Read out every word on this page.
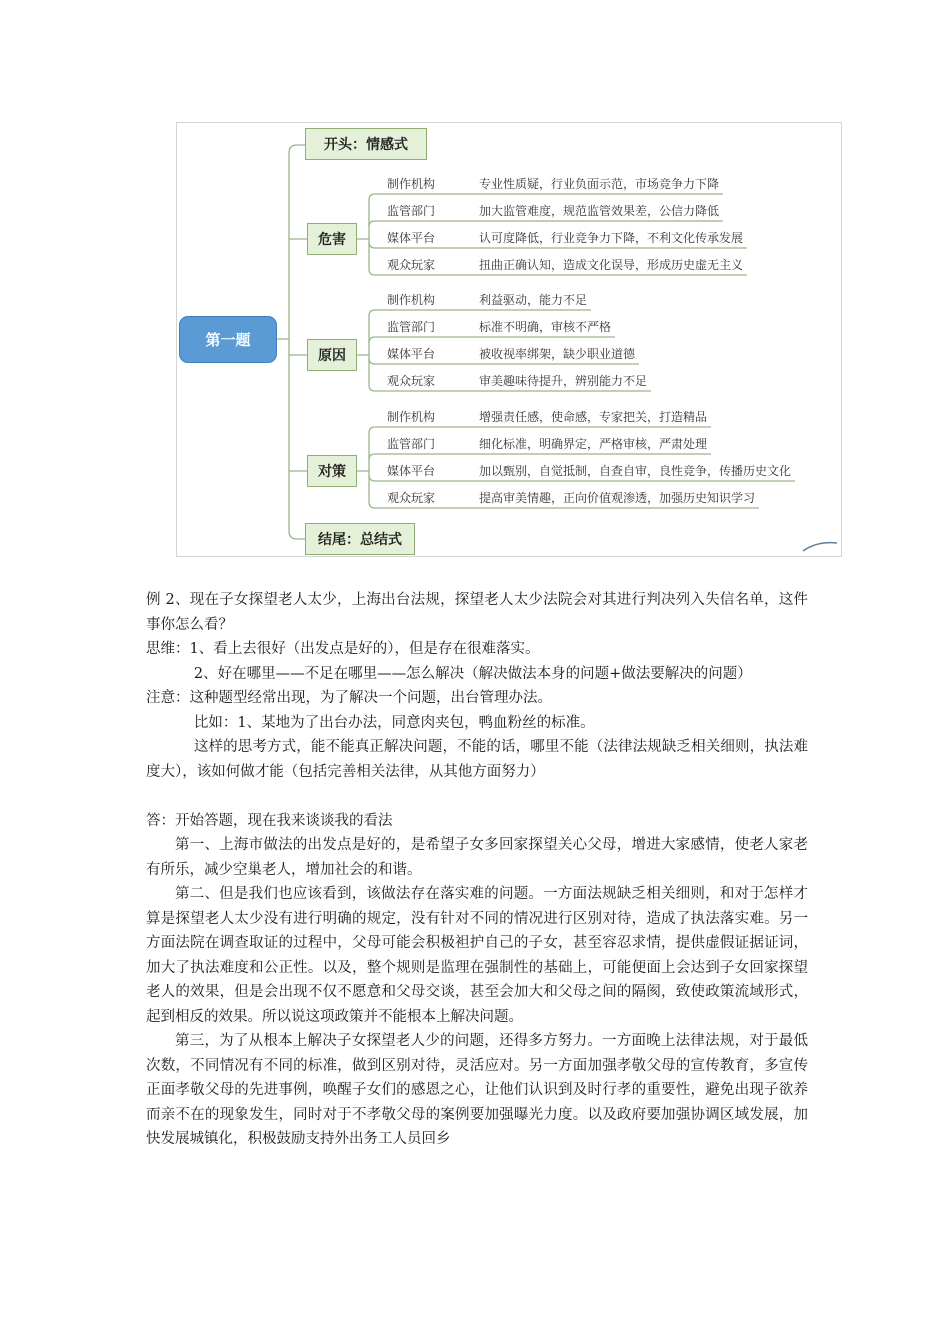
第一题
开头：情感式
危害
原因
对策
结尾：总结式
制作机构	专业性质疑，行业负面示范，市场竞争力下降
监管部门	加大监管难度，规范监管效果差，公信力降低
媒体平台	认可度降低，行业竞争力下降，不利文化传承发展
观众玩家	扭曲正确认知，造成文化误导，形成历史虚无主义
制作机构	利益驱动，能力不足
监管部门	标准不明确，审核不严格
媒体平台	被收视率绑架，缺少职业道德
观众玩家	审美趣味待提升，辨别能力不足
制作机构	增强责任感，使命感，专家把关，打造精品
监管部门	细化标准，明确界定，严格审核，严肃处理
媒体平台	加以甄别，自觉抵制，自查自审，良性竞争，传播历史文化
观众玩家	提高审美情趣，正向价值观渗透，加强历史知识学习

例 2、现在子女探望老人太少，上海出台法规，探望老人太少法院会对其进行判决列入失信名单，这件事你怎么看？

思维：1、看上去很好（出发点是好的），但是存在很难落实。

2、好在哪里——不足在哪里——怎么解决（解决做法本身的问题+做法要解决的问题）

注意：这种题型经常出现，为了解决一个问题，出台管理办法。

比如：1、某地为了出台办法，同意肉夹包，鸭血粉丝的标准。

这样的思考方式，能不能真正解决问题，不能的话，哪里不能（法律法规缺乏相关细则，执法难度大），该如何做才能（包括完善相关法律，从其他方面努力）

答：开始答题，现在我来谈谈我的看法

第一、上海市做法的出发点是好的，是希望子女多回家探望关心父母，增进大家感情，使老人家老有所乐，减少空巢老人，增加社会的和谐。

第二、但是我们也应该看到，该做法存在落实难的问题。一方面法规缺乏相关细则，和对于怎样才算是探望老人太少没有进行明确的规定，没有针对不同的情况进行区别对待，造成了执法落实难。另一方面法院在调查取证的过程中，父母可能会积极袒护自己的子女，甚至容忍求情，提供虚假证据证词，加大了执法难度和公正性。以及，整个规则是监理在强制性的基础上，可能便面上会达到子女回家探望老人的效果，但是会出现不仅不愿意和父母交谈，甚至会加大和父母之间的隔阂，致使政策流域形式，起到相反的效果。所以说这项政策并不能根本上解决问题。

第三，为了从根本上解决子女探望老人少的问题，还得多方努力。一方面晚上法律法规，对于最低次数，不同情况有不同的标准，做到区别对待，灵活应对。另一方面加强孝敬父母的宣传教育，多宣传正面孝敬父母的先进事例，唤醒子女们的感恩之心，让他们认识到及时行孝的重要性，避免出现子欲养而亲不在的现象发生，同时对于不孝敬父母的案例要加强曝光力度。以及政府要加强协调区域发展，加快发展城镇化，积极鼓励支持外出务工人员回乡
